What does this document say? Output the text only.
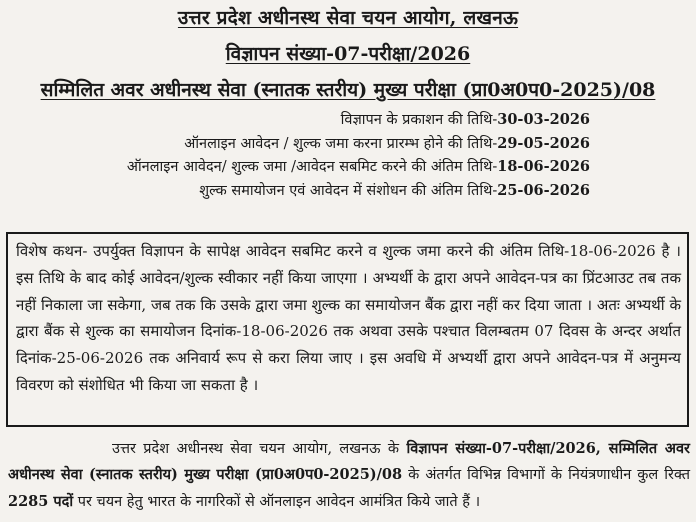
उत्तर प्रदेश अधीनस्थ सेवा चयन आयोग, लखनऊ
विज्ञापन संख्या-07-परीक्षा/2026
सम्मिलित अवर अधीनस्थ सेवा (स्नातक स्तरीय) मुख्य परीक्षा (प्रा0अ0प0-2025)/08
विज्ञापन के प्रकाशन की तिथि-30-03-2026
ऑनलाइन आवेदन / शुल्क जमा करना प्रारम्भ होने की तिथि-29-05-2026
ऑनलाइन आवेदन/ शुल्क जमा /आवेदन सबमिट करने की अंतिम तिथि-18-06-2026
शुल्क समायोजन एवं आवेदन में संशोधन की अंतिम तिथि-25-06-2026

विशेष कथन- उपर्युक्त विज्ञापन के सापेक्ष आवेदन सबमिट करने व शुल्क जमा करने की अंतिम तिथि-18-06-2026 है । इस तिथि के बाद कोई आवेदन/शुल्क स्वीकार नहीं किया जाएगा । अभ्यर्थी के द्वारा अपने आवेदन-पत्र का प्रिंटआउट तब तक नहीं निकाला जा सकेगा, जब तक कि उसके द्वारा जमा शुल्क का समायोजन बैंक द्वारा नहीं कर दिया जाता । अतः अभ्यर्थी के द्वारा बैंक से शुल्क का समायोजन दिनांक-18-06-2026 तक अथवा उसके पश्चात विलम्बतम 07 दिवस के अन्दर अर्थात दिनांक-25-06-2026 तक अनिवार्य रूप से करा लिया जाए । इस अवधि में अभ्यर्थी द्वारा अपने आवेदन-पत्र में अनुमन्य विवरण को संशोधित भी किया जा सकता है ।

उत्तर प्रदेश अधीनस्थ सेवा चयन आयोग, लखनऊ के विज्ञापन संख्या-07-परीक्षा/2026, सम्मिलित अवर अधीनस्थ सेवा (स्नातक स्तरीय) मुख्य परीक्षा (प्रा0अ0प0-2025)/08 के अंतर्गत विभिन्न विभागों के नियंत्रणाधीन कुल रिक्त 2285 पदों पर चयन हेतु भारत के नागरिकों से ऑनलाइन आवेदन आमंत्रित किये जाते हैं ।
